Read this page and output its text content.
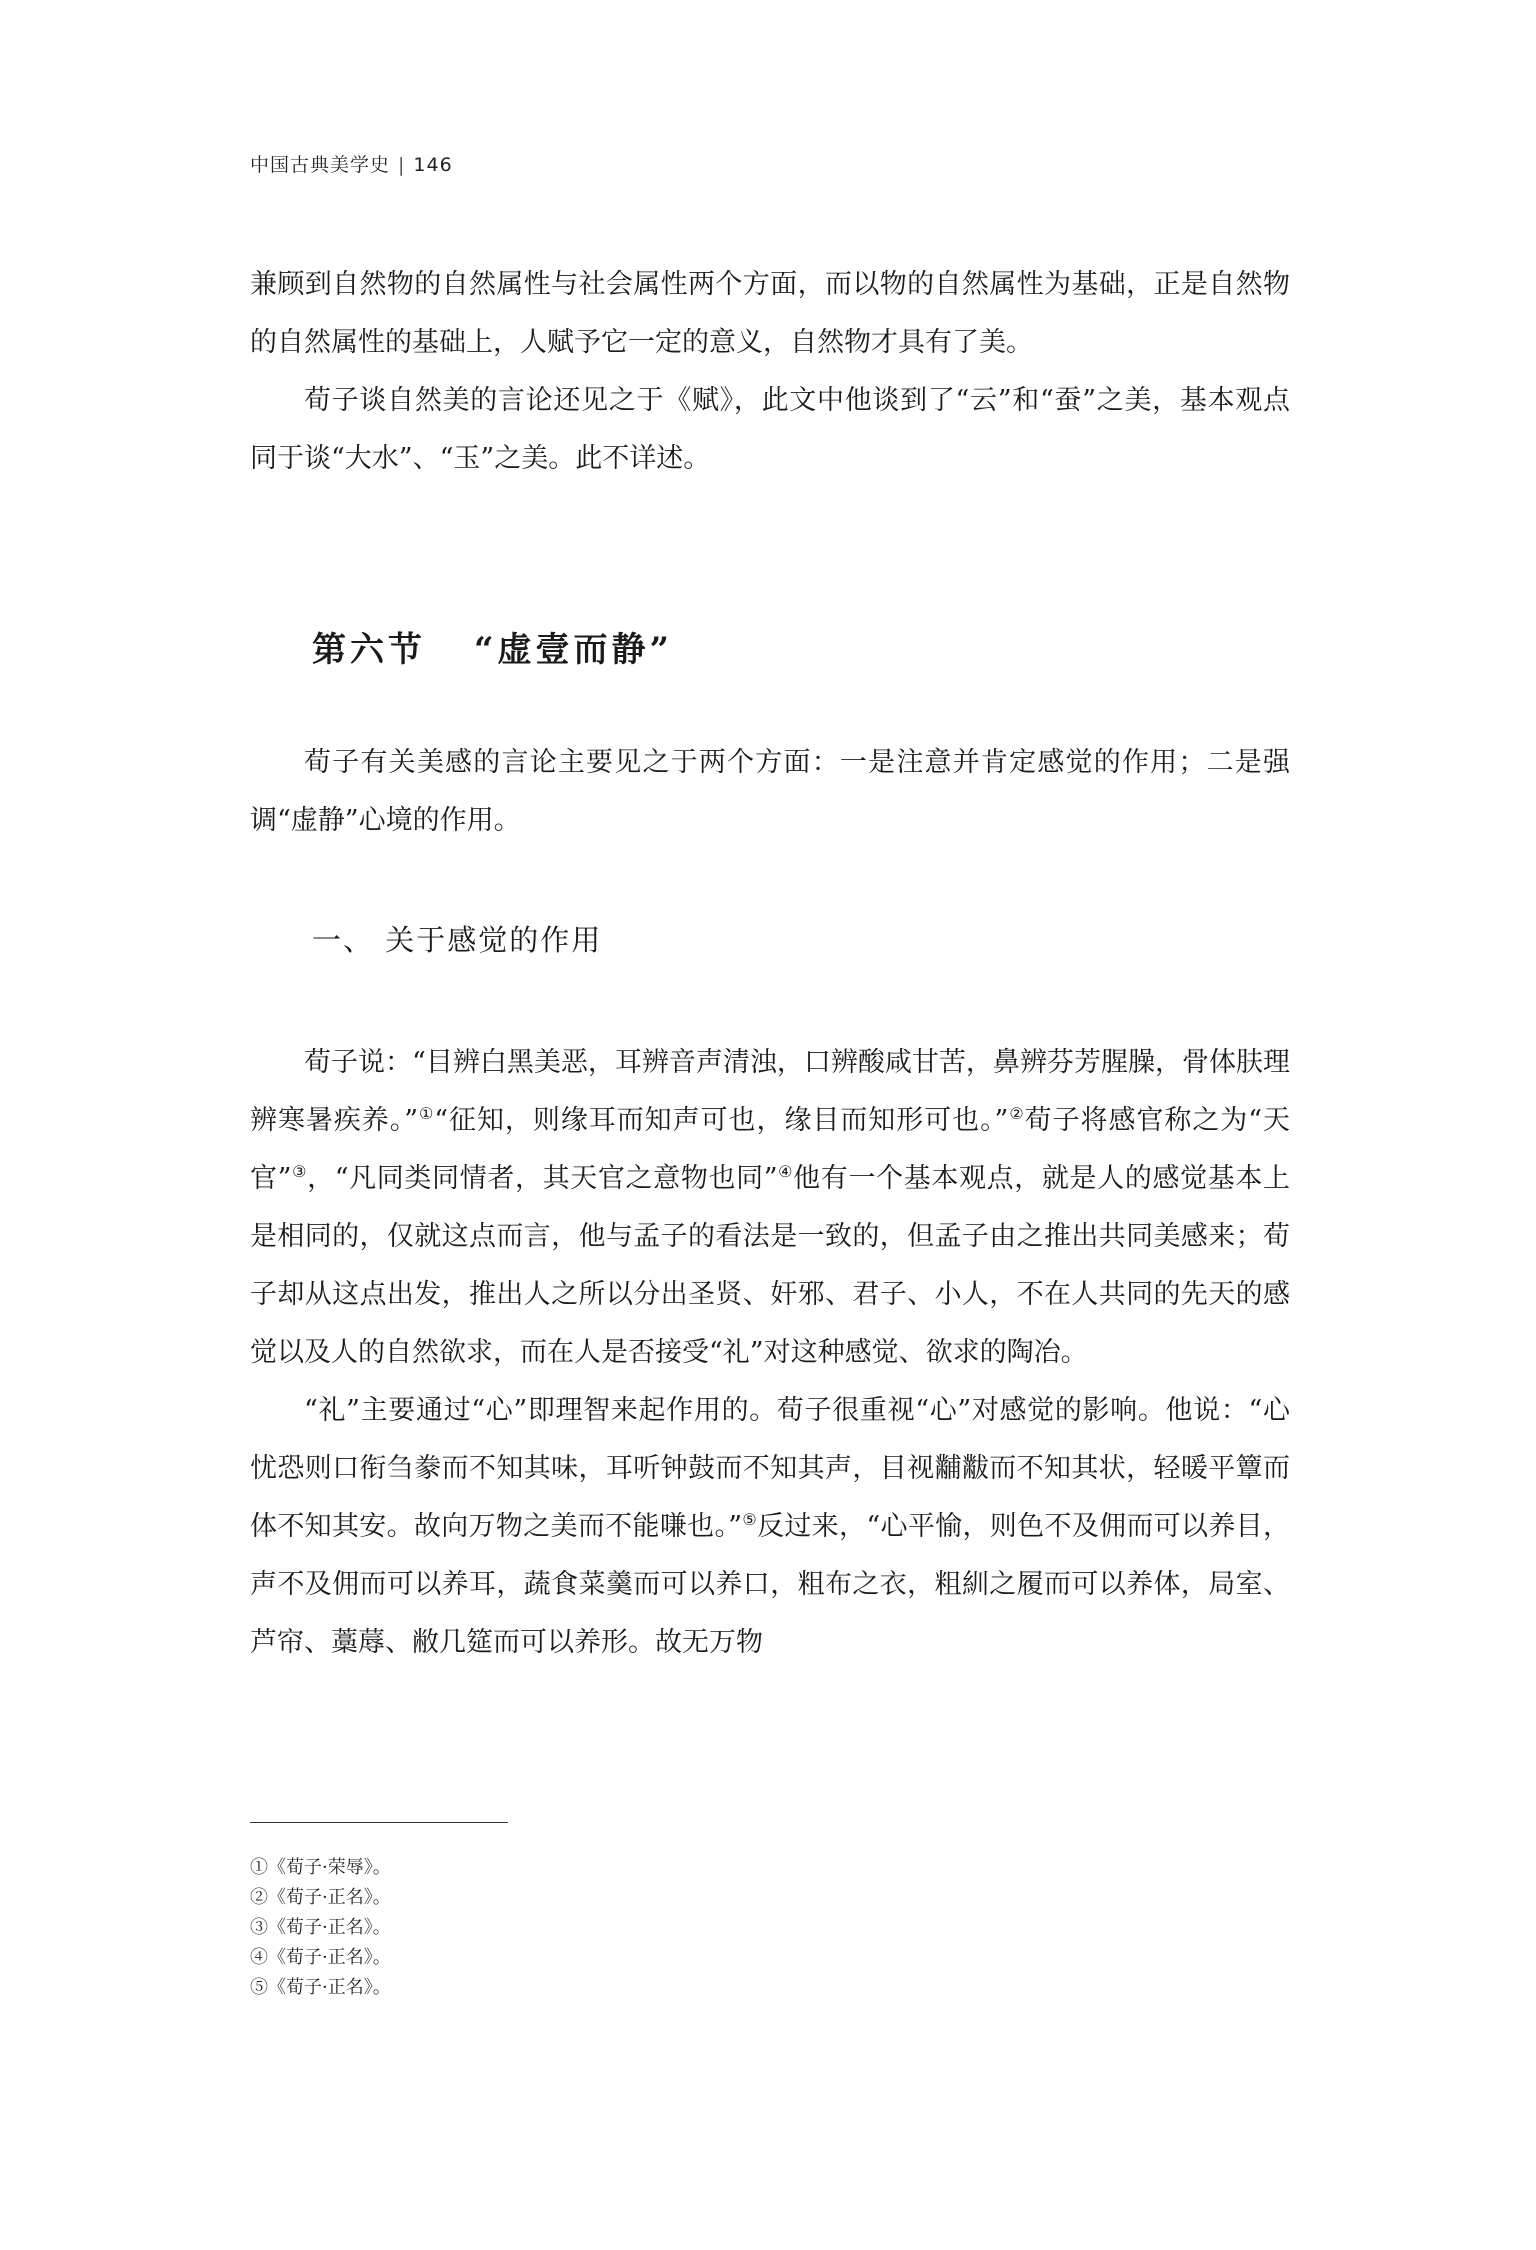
中国古典美学史 | 146

兼顾到自然物的自然属性与社会属性两个方面，而以物的自然属性为基础，正是自然物的自然属性的基础上，人赋予它一定的意义，自然物才具有了美。

荀子谈自然美的言论还见之于《赋》，此文中他谈到了“云”和“蚕”之美，基本观点同于谈“大水”、“玉”之美。此不详述。

第六节 “虚壹而静”

荀子有关美感的言论主要见之于两个方面：一是注意并肯定感觉的作用；二是强调“虚静”心境的作用。

一、 关于感觉的作用

荀子说：“目辨白黑美恶，耳辨音声清浊，口辨酸咸甘苦，鼻辨芬芳腥臊，骨体肤理辨寒暑疾养。”①“征知，则缘耳而知声可也，缘目而知形可也。”②荀子将感官称之为“天官”③，“凡同类同情者，其天官之意物也同”④他有一个基本观点，就是人的感觉基本上是相同的，仅就这点而言，他与孟子的看法是一致的，但孟子由之推出共同美感来；荀子却从这点出发，推出人之所以分出圣贤、奸邪、君子、小人，不在人共同的先天的感觉以及人的自然欲求，而在人是否接受“礼”对这种感觉、欲求的陶冶。

“礼”主要通过“心”即理智来起作用的。荀子很重视“心”对感觉的影响。他说：“心忧恐则口衔刍豢而不知其味，耳听钟鼓而不知其声，目视黼黻而不知其状，轻暖平簟而体不知其安。故向万物之美而不能嗛也。”⑤反过来，“心平愉，则色不及佣而可以养目，声不及佣而可以养耳，蔬食菜羹而可以养口，粗布之衣，粗紃之履而可以养体，局室、芦帘、藁蓐、敝几筵而可以养形。故无万物

①《荀子·荣辱》。
②《荀子·正名》。
③《荀子·正名》。
④《荀子·正名》。
⑤《荀子·正名》。
